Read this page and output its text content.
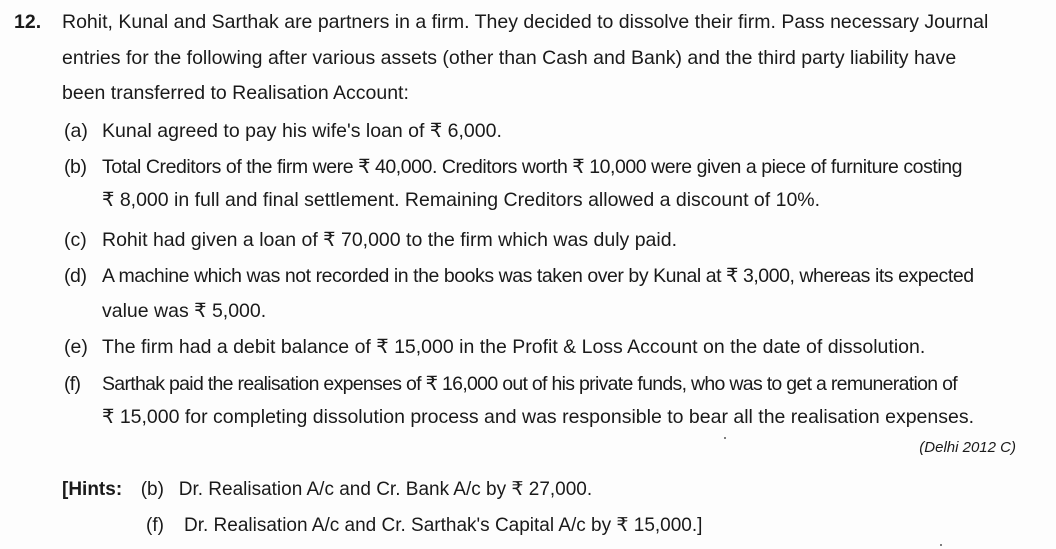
12. Rohit, Kunal and Sarthak are partners in a firm. They decided to dissolve their firm. Pass necessary Journal
entries for the following after various assets (other than Cash and Bank) and the third party liability have
been transferred to Realisation Account:
(a) Kunal agreed to pay his wife's loan of ₹ 6,000.
(b) Total Creditors of the firm were ₹ 40,000. Creditors worth ₹ 10,000 were given a piece of furniture costing
₹ 8,000 in full and final settlement. Remaining Creditors allowed a discount of 10%.
(c) Rohit had given a loan of ₹ 70,000 to the firm which was duly paid.
(d) A machine which was not recorded in the books was taken over by Kunal at ₹ 3,000, whereas its expected
value was ₹ 5,000.
(e) The firm had a debit balance of ₹ 15,000 in the Profit & Loss Account on the date of dissolution.
(f) Sarthak paid the realisation expenses of ₹ 16,000 out of his private funds, who was to get a remuneration of
₹ 15,000 for completing dissolution process and was responsible to bear all the realisation expenses.
(Delhi 2012 C)
[Hints: (b) Dr. Realisation A/c and Cr. Bank A/c by ₹ 27,000.
(f) Dr. Realisation A/c and Cr. Sarthak's Capital A/c by ₹ 15,000.]
